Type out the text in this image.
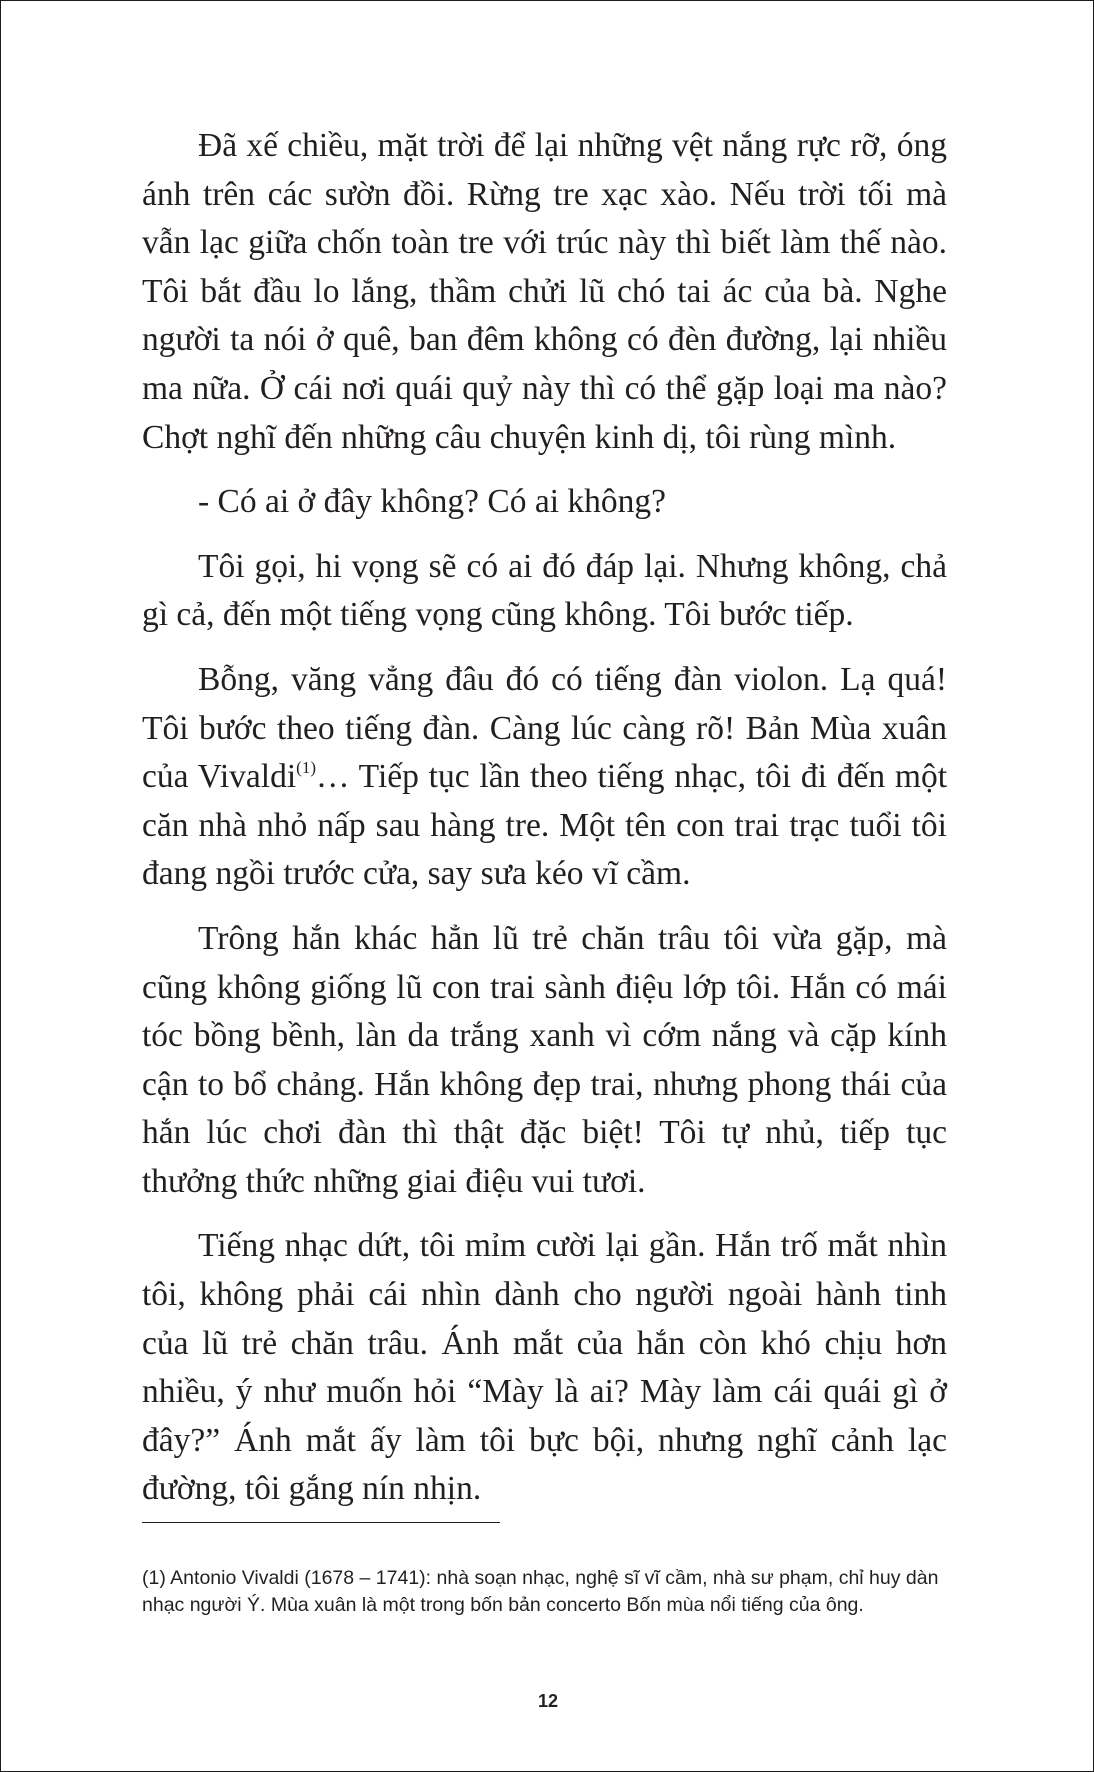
Đã xế chiều, mặt trời để lại những vệt nắng rực rỡ, óng ánh trên các sườn đồi. Rừng tre xạc xào. Nếu trời tối mà vẫn lạc giữa chốn toàn tre với trúc này thì biết làm thế nào. Tôi bắt đầu lo lắng, thầm chửi lũ chó tai ác của bà. Nghe người ta nói ở quê, ban đêm không có đèn đường, lại nhiều ma nữa. Ở cái nơi quái quỷ này thì có thể gặp loại ma nào? Chợt nghĩ đến những câu chuyện kinh dị, tôi rùng mình.

- Có ai ở đây không? Có ai không?

Tôi gọi, hi vọng sẽ có ai đó đáp lại. Nhưng không, chả gì cả, đến một tiếng vọng cũng không. Tôi bước tiếp.

Bỗng, văng vẳng đâu đó có tiếng đàn violon. Lạ quá! Tôi bước theo tiếng đàn. Càng lúc càng rõ! Bản Mùa xuân của Vivaldi$^{(1)}$… Tiếp tục lần theo tiếng nhạc, tôi đi đến một căn nhà nhỏ nấp sau hàng tre. Một tên con trai trạc tuổi tôi đang ngồi trước cửa, say sưa kéo vĩ cầm.

Trông hắn khác hẳn lũ trẻ chăn trâu tôi vừa gặp, mà cũng không giống lũ con trai sành điệu lớp tôi. Hắn có mái tóc bồng bềnh, làn da trắng xanh vì cớm nắng và cặp kính cận to bổ chảng. Hắn không đẹp trai, nhưng phong thái của hắn lúc chơi đàn thì thật đặc biệt! Tôi tự nhủ, tiếp tục thưởng thức những giai điệu vui tươi.

Tiếng nhạc dứt, tôi mỉm cười lại gần. Hắn trố mắt nhìn tôi, không phải cái nhìn dành cho người ngoài hành tinh của lũ trẻ chăn trâu. Ánh mắt của hắn còn khó chịu hơn nhiều, ý như muốn hỏi “Mày là ai? Mày làm cái quái gì ở đây?” Ánh mắt ấy làm tôi bực bội, nhưng nghĩ cảnh lạc đường, tôi gắng nín nhịn.

(1) Antonio Vivaldi (1678 – 1741): nhà soạn nhạc, nghệ sĩ vĩ cầm, nhà sư phạm, chỉ huy dàn nhạc người Ý. Mùa xuân là một trong bốn bản concerto Bốn mùa nổi tiếng của ông.

12
